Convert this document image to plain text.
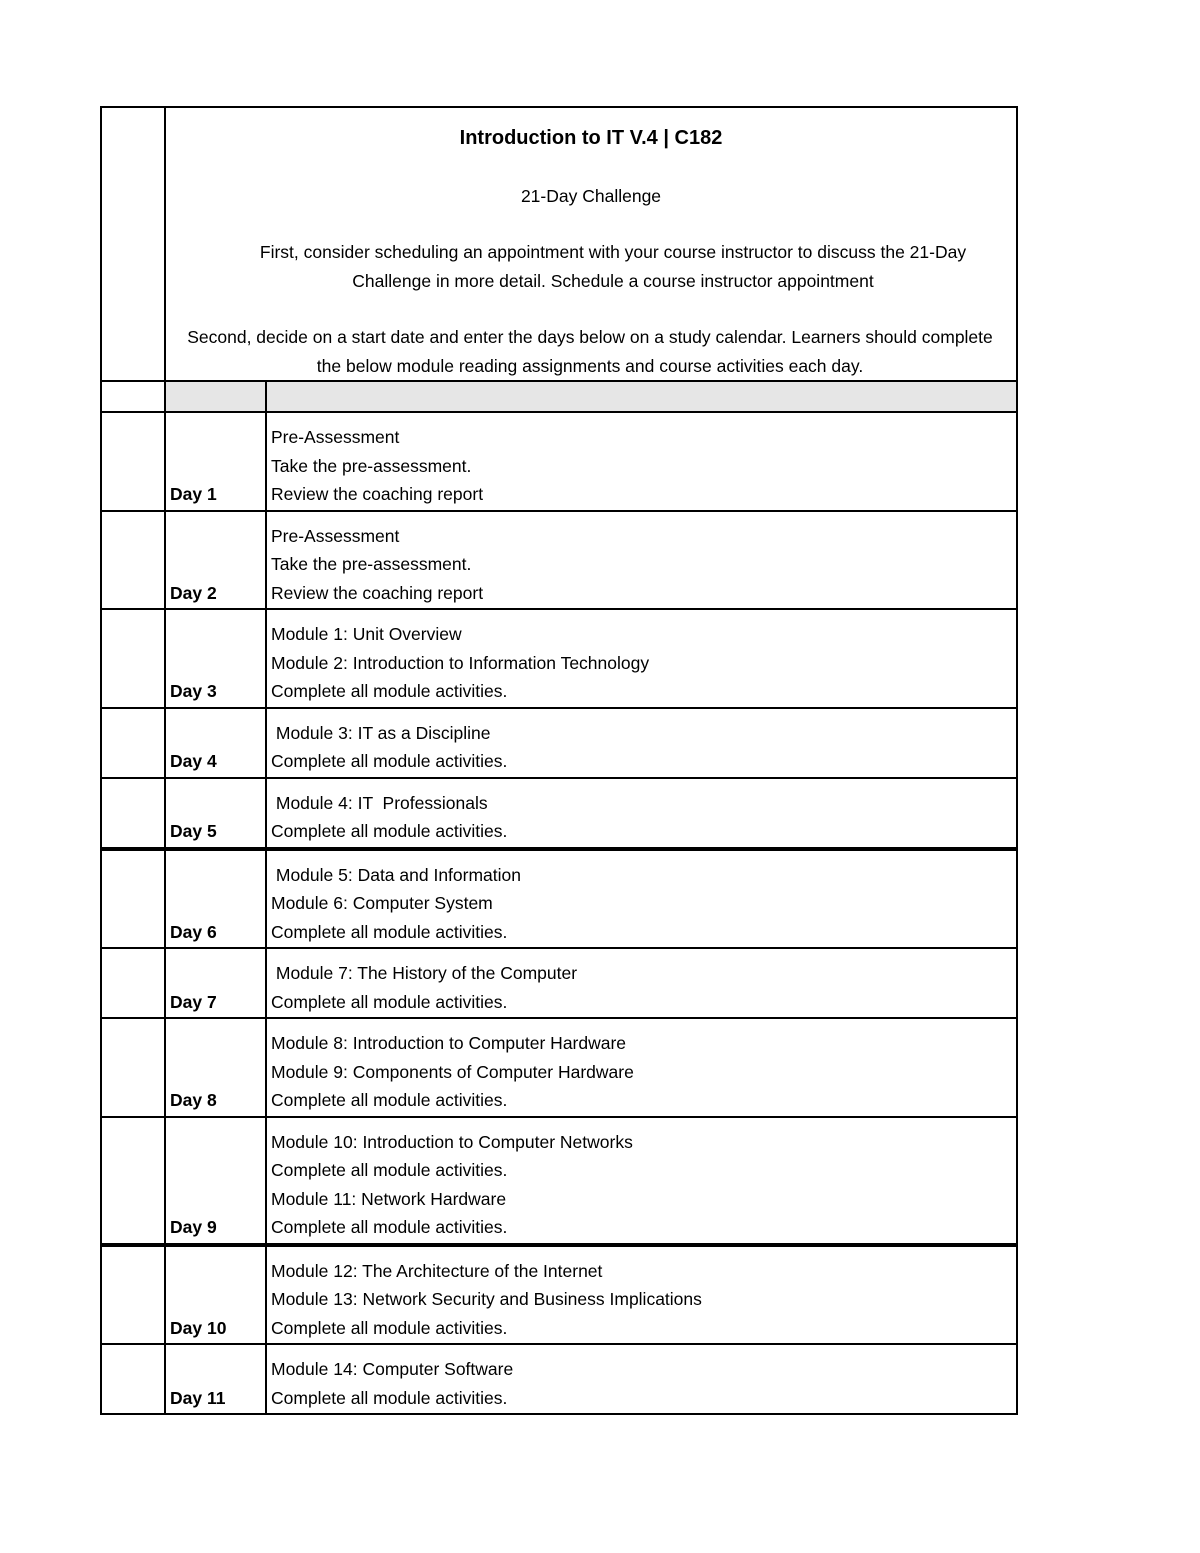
	Introduction to IT V.4 | C182
21-Day Challenge
First, consider scheduling an appointment with your course instructor to discuss the 21-Day Challenge in more detail. Schedule a course instructor appointment
Second, decide on a start date and enter the days below on a study calendar. Learners should complete the below module reading assignments and course activities each day.	

	Day 1	Pre-Assessment
Take the pre-assessment.
Review the coaching report

	Day 2	Pre-Assessment
Take the pre-assessment.
Review the coaching report

	Day 3	Module 1: Unit Overview
Module 2: Introduction to Information Technology
Complete all module activities.

	Day 4	Module 3: IT as a Discipline
Complete all module activities.

	Day 5	Module 4: IT  Professionals
Complete all module activities.

	Day 6	Module 5: Data and Information
Module 6: Computer System
Complete all module activities.

	Day 7	Module 7: The History of the Computer
Complete all module activities.

	Day 8	Module 8: Introduction to Computer Hardware
Module 9: Components of Computer Hardware
Complete all module activities.

	Day 9	Module 10: Introduction to Computer Networks
Complete all module activities.
Module 11: Network Hardware
Complete all module activities.

	Day 10	Module 12: The Architecture of the Internet
Module 13: Network Security and Business Implications
Complete all module activities.

	Day 11	Module 14: Computer Software
Complete all module activities.
